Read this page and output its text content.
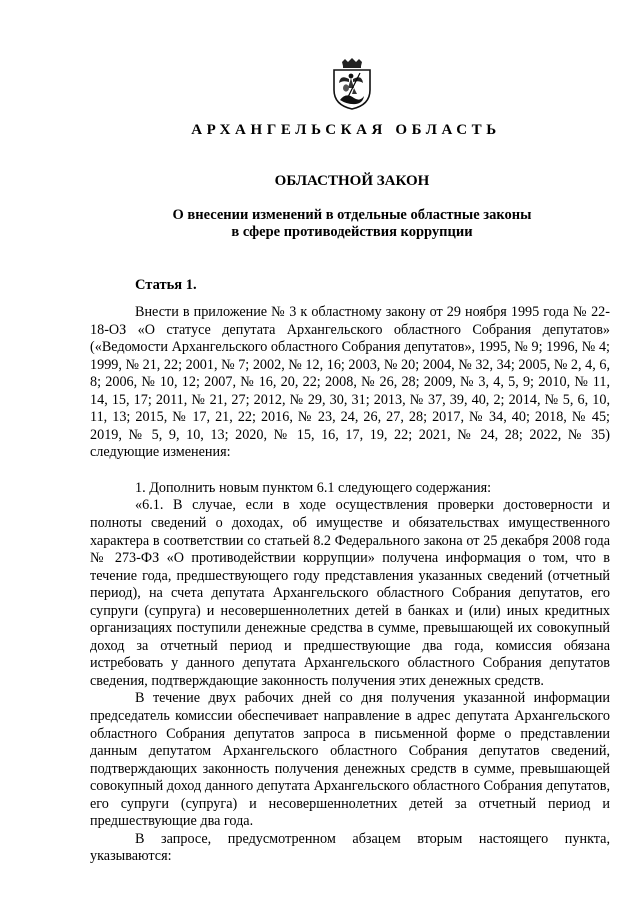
АРХАНГЕЛЬСКАЯ ОБЛАСТЬ
ОБЛАСТНОЙ ЗАКОН
О внесении изменений в отдельные областные законы
в сфере противодействия коррупции
Статья 1.

Внести в приложение № 3 к областному закону от 29 ноября 1995 года № 22-18-ОЗ «О статусе депутата Архангельского областного Собрания депутатов» («Ведомости Архангельского областного Собрания депутатов», 1995, № 9; 1996, № 4; 1999, № 21, 22; 2001, № 7; 2002, № 12, 16; 2003, № 20; 2004, № 32, 34; 2005, № 2, 4, 6, 8; 2006, № 10, 12; 2007, № 16, 20, 22; 2008, № 26, 28; 2009, № 3, 4, 5, 9; 2010, № 11, 14, 15, 17; 2011, № 21, 27; 2012, № 29, 30, 31; 2013, № 37, 39, 40, 2; 2014, № 5, 6, 10, 11, 13; 2015, № 17, 21, 22; 2016, № 23, 24, 26, 27, 28; 2017, № 34, 40; 2018, № 45; 2019, № 5, 9, 10, 13; 2020, № 15, 16, 17, 19, 22; 2021, № 24, 28; 2022, № 35) следующие изменения:

1. Дополнить новым пунктом 6.1 следующего содержания:

«6.1. В случае, если в ходе осуществления проверки достоверности и полноты сведений о доходах, об имуществе и обязательствах имущественного характера в соответствии со статьей 8.2 Федерального закона от 25 декабря 2008 года № 273-ФЗ «О противодействии коррупции» получена информация о том, что в течение года, предшествующего году представления указанных сведений (отчетный период), на счета депутата Архангельского областного Собрания депутатов, его супруги (супруга) и несовершеннолетних детей в банках и (или) иных кредитных организациях поступили денежные средства в сумме, превышающей их совокупный доход за отчетный период и предшествующие два года, комиссия обязана истребовать у данного депутата Архангельского областного Собрания депутатов сведения, подтверждающие законность получения этих денежных средств.

В течение двух рабочих дней со дня получения указанной информации председатель комиссии обеспечивает направление в адрес депутата Архангельского областного Собрания депутатов запроса в письменной форме о представлении данным депутатом Архангельского областного Собрания депутатов сведений, подтверждающих законность получения денежных средств в сумме, превышающей совокупный доход данного депутата Архангельского областного Собрания депутатов, его супруги (супруга) и несовершеннолетних детей за отчетный период и предшествующие два года.

В запросе, предусмотренном абзацем вторым настоящего пункта, указываются:
